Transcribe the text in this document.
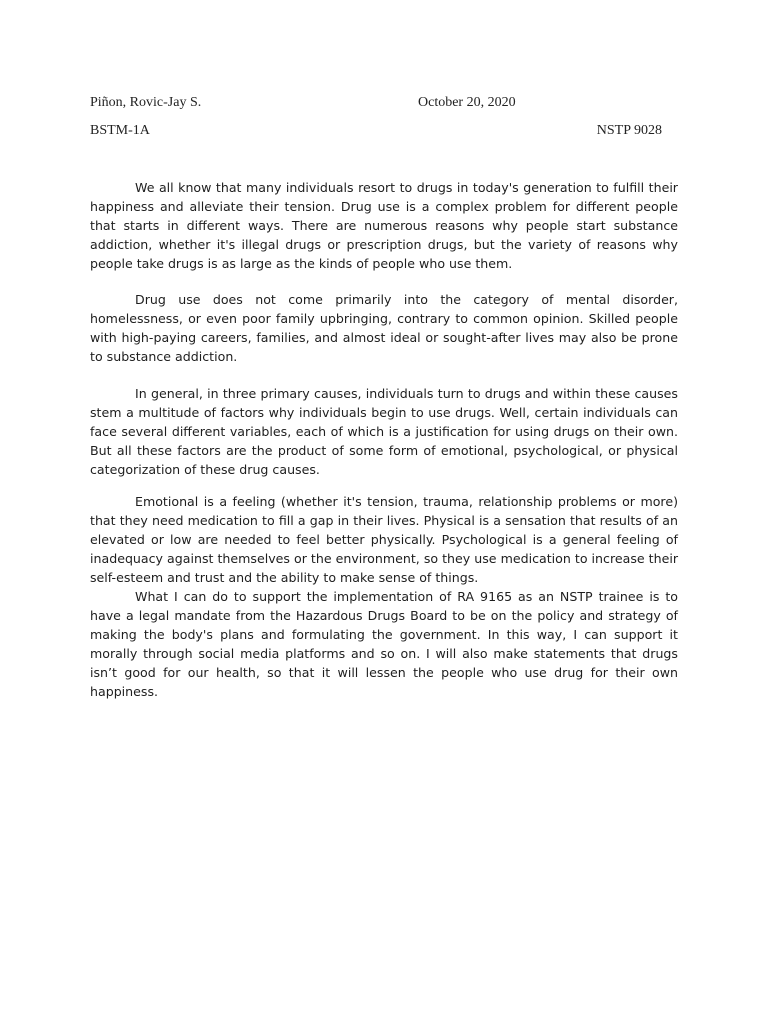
Piñon, Rovic-Jay S.	October 20, 2020
BSTM-1A	NSTP 9028

We all know that many individuals resort to drugs in today's generation to fulfill their happiness and alleviate their tension. Drug use is a complex problem for different people that starts in different ways. There are numerous reasons why people start substance addiction, whether it's illegal drugs or prescription drugs, but the variety of reasons why people take drugs is as large as the kinds of people who use them.

Drug use does not come primarily into the category of mental disorder, homelessness, or even poor family upbringing, contrary to common opinion. Skilled people with high-paying careers, families, and almost ideal or sought-after lives may also be prone to substance addiction.

In general, in three primary causes, individuals turn to drugs and within these causes stem a multitude of factors why individuals begin to use drugs. Well, certain individuals can face several different variables, each of which is a justification for using drugs on their own. But all these factors are the product of some form of emotional, psychological, or physical categorization of these drug causes.

Emotional is a feeling (whether it's tension, trauma, relationship problems or more) that they need medication to fill a gap in their lives. Physical is a sensation that results of an elevated or low are needed to feel better physically. Psychological is a general feeling of inadequacy against themselves or the environment, so they use medication to increase their self-esteem and trust and the ability to make sense of things.

What I can do to support the implementation of RA 9165 as an NSTP trainee is to have a legal mandate from the Hazardous Drugs Board to be on the policy and strategy of making the body's plans and formulating the government. In this way, I can support it morally through social media platforms and so on. I will also make statements that drugs isn’t good for our health, so that it will lessen the people who use drug for their own happiness.
